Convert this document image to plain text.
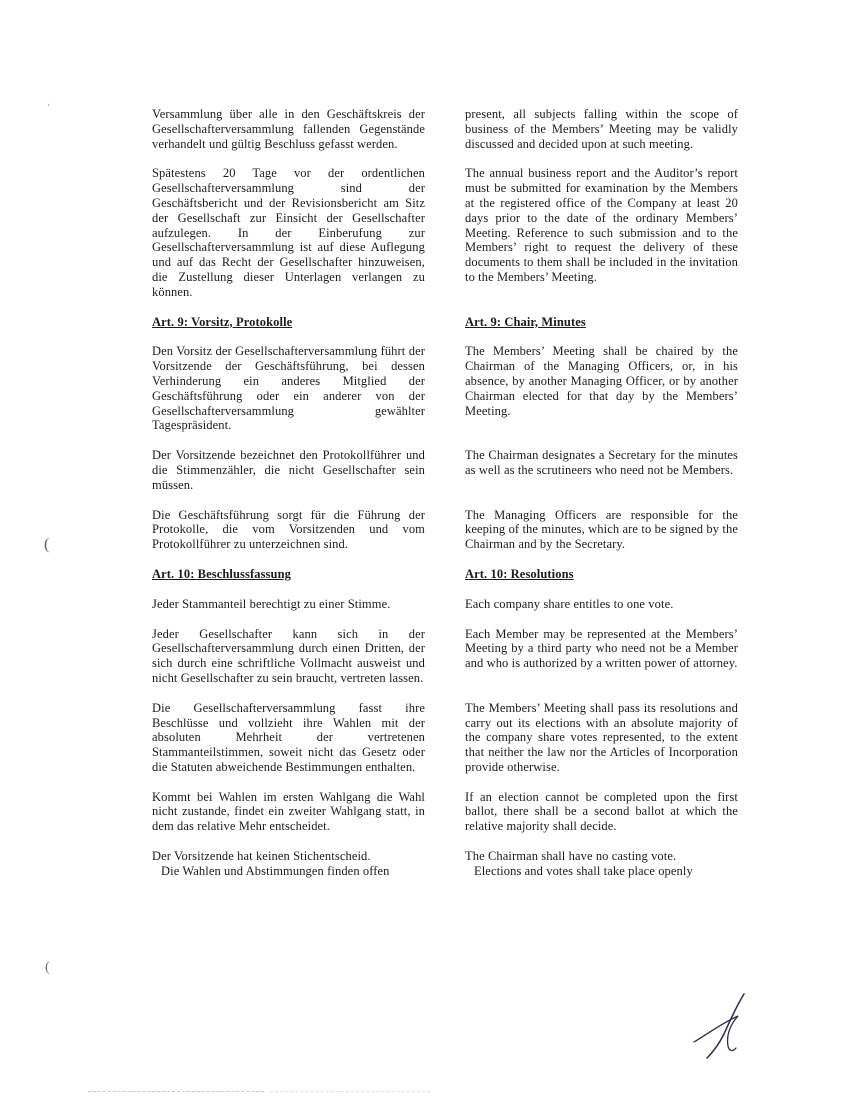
'
(
(
Versammlung über alle in den Geschäftskreis der Gesellschafterversammlung fallenden Gegenstände verhandelt und gültig Beschluss gefasst werden.
present, all subjects falling within the scope of business of the Members’ Meeting may be validly discussed and decided upon at such meeting.
Spätestens 20 Tage vor der ordentlichen Gesellschafterversammlung sind der Geschäftsbericht und der Revisionsbericht am Sitz der Gesellschaft zur Einsicht der Gesellschafter aufzulegen. In der Einberufung zur Gesellschafterversammlung ist auf diese Auflegung und auf das Recht der Gesellschafter hinzuweisen, die Zustellung dieser Unterlagen verlangen zu können.
The annual business report and the Auditor’s report must be submitted for examination by the Members at the registered office of the Company at least 20 days prior to the date of the ordinary Members’ Meeting. Reference to such submission and to the Members’ right to request the delivery of these documents to them shall be included in the invitation to the Members’ Meeting.
Art. 9: Vorsitz, Protokolle	Art. 9: Chair, Minutes
Den Vorsitz der Gesellschafterversammlung führt der Vorsitzende der Geschäftsführung, bei dessen Verhinderung ein anderes Mitglied der Geschäftsführung oder ein anderer von der Gesellschafterversammlung gewählter Tagespräsident.
The Members’ Meeting shall be chaired by the Chairman of the Managing Officers, or, in his absence, by another Managing Officer, or by another Chairman elected for that day by the Members’ Meeting.
Der Vorsitzende bezeichnet den Protokollführer und die Stimmenzähler, die nicht Gesellschafter sein müssen.
The Chairman designates a Secretary for the minutes as well as the scrutineers who need not be Members.
Die Geschäftsführung sorgt für die Führung der Protokolle, die vom Vorsitzenden und vom Protokollführer zu unterzeichnen sind.
The Managing Officers are responsible for the keeping of the minutes, which are to be signed by the Chairman and by the Secretary.
Art. 10: Beschlussfassung	Art. 10: Resolutions
Jeder Stammanteil berechtigt zu einer Stimme.	Each company share entitles to one vote.
Jeder Gesellschafter kann sich in der Gesellschafterversammlung durch einen Dritten, der sich durch eine schriftliche Vollmacht ausweist und nicht Gesellschafter zu sein braucht, vertreten lassen.
Each Member may be represented at the Members’ Meeting by a third party who need not be a Member and who is authorized by a written power of attorney.
Die Gesellschafterversammlung fasst ihre Beschlüsse und vollzieht ihre Wahlen mit der absoluten Mehrheit der vertretenen Stammanteilstimmen, soweit nicht das Gesetz oder die Statuten abweichende Bestimmungen enthalten.
The Members’ Meeting shall pass its resolutions and carry out its elections with an absolute majority of the company share votes represented, to the extent that neither the law nor the Articles of Incorporation provide otherwise.
Kommt bei Wahlen im ersten Wahlgang die Wahl nicht zustande, findet ein zweiter Wahlgang statt, in dem das relative Mehr entscheidet.
If an election cannot be completed upon the first ballot, there shall be a second ballot at which the relative majority shall decide.
Der Vorsitzende hat keinen Stichentscheid.	The Chairman shall have no casting vote.
Die Wahlen und Abstimmungen finden offen	Elections and votes shall take place openly
